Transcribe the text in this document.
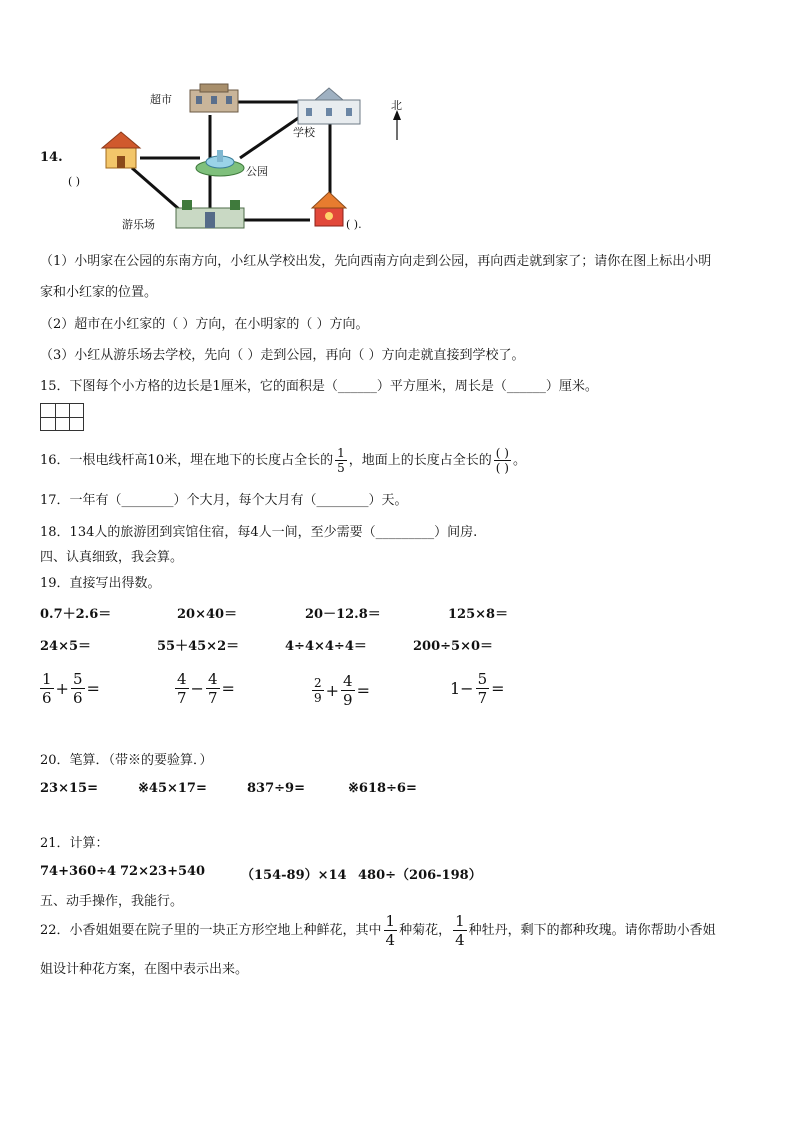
14.
超市
学校
公园
游乐场
北
( )
( ).
（1）小明家在公园的东南方向，小红从学校出发，先向西南方向走到公园，再向西走就到家了；请你在图上标出小明
家和小红家的位置。
（2）超市在小红家的（ ）方向，在小明家的（ ）方向。
（3）小红从游乐场去学校，先向（ ）走到公园，再向（ ）方向走就直接到学校了。
15．下图每个小方格的边长是1厘米，它的面积是（______）平方厘米，周长是（______）厘米。
16．一根电线杆高10米，埋在地下的长度占全长的 $\frac{1}{5}$ ，地面上的长度占全长的 $\frac{( )}{( )}$ 。
17．一年有（________）个大月，每个大月有（________）天。
18．134人的旅游团到宾馆住宿，每4人一间，至少需要（_________）间房.
四、认真细致，我会算。
19．直接写出得数。
0.7＋2.6＝	20×40＝	20－12.8＝	125×8＝
24×5＝	55＋45×2＝	4÷4×4÷4＝	200÷5×0＝
$\frac{1}{6} + \frac{5}{6}$ =	$\frac{4}{7} - \frac{4}{7}$ =	$\frac{2}{9} + \frac{4}{9}$ =	$1- \frac{5}{7}$ =
20．笔算．（带※的要验算．）
23×15=	※45×17=	837÷9=	※618÷6=
21．计算：
74+360÷4 72×23+540	（154-89）×14 480÷（206-198）
五、动手操作，我能行。
22．小香姐姐要在院子里的一块正方形空地上种鲜花，其中 $\frac{1}{4}$ 种菊花， $\frac{1}{4}$ 种牡丹，剩下的都种玫瑰。请你帮助小香姐
姐设计种花方案，在图中表示出来。
